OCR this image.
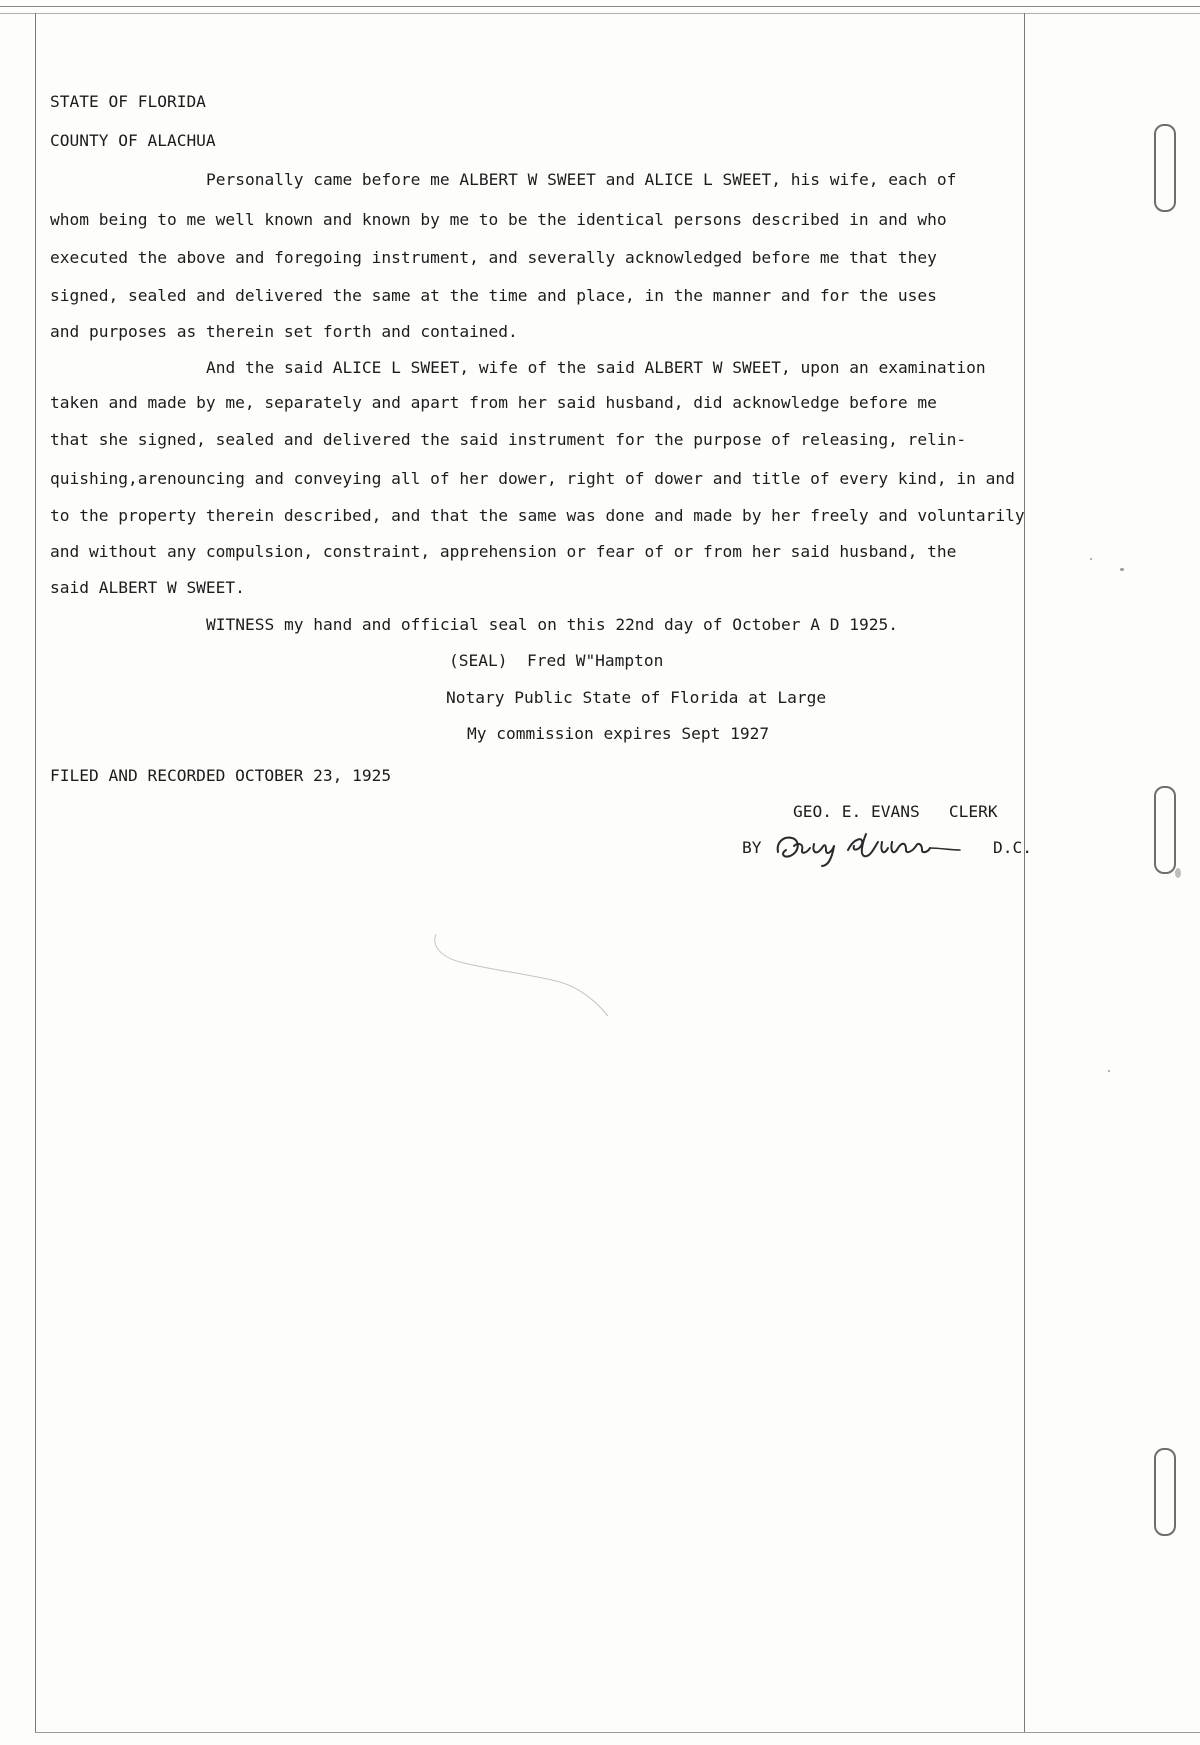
STATE OF FLORIDA

COUNTY OF ALACHUA

Personally came before me ALBERT W SWEET and ALICE L SWEET, his wife, each of

whom being to me well known and known by me to be the identical persons described in and who

executed the above and foregoing instrument, and severally acknowledged before me that they

signed, sealed and delivered the same at the time and place, in the manner and for the uses

and purposes as therein set forth and contained.

And the said ALICE L SWEET, wife of the said ALBERT W SWEET, upon an examination

taken and made by me, separately and apart from her said husband, did acknowledge before me

that she signed, sealed and delivered the said instrument for the purpose of releasing, relin-

quishing,arenouncing and conveying all of her dower, right of dower and title of every kind, in and

to the property therein described, and that the same was done and made by her freely and voluntarily

and without any compulsion, constraint, apprehension or fear of or from her said husband, the

said ALBERT W SWEET.

WITNESS my hand and official seal on this 22nd day of October A D 1925.

(SEAL)  Fred W"Hampton

Notary Public State of Florida at Large

My commission expires Sept 1927

FILED AND RECORDED OCTOBER 23, 1925

GEO. E. EVANS   CLERK

BY	D.C.
